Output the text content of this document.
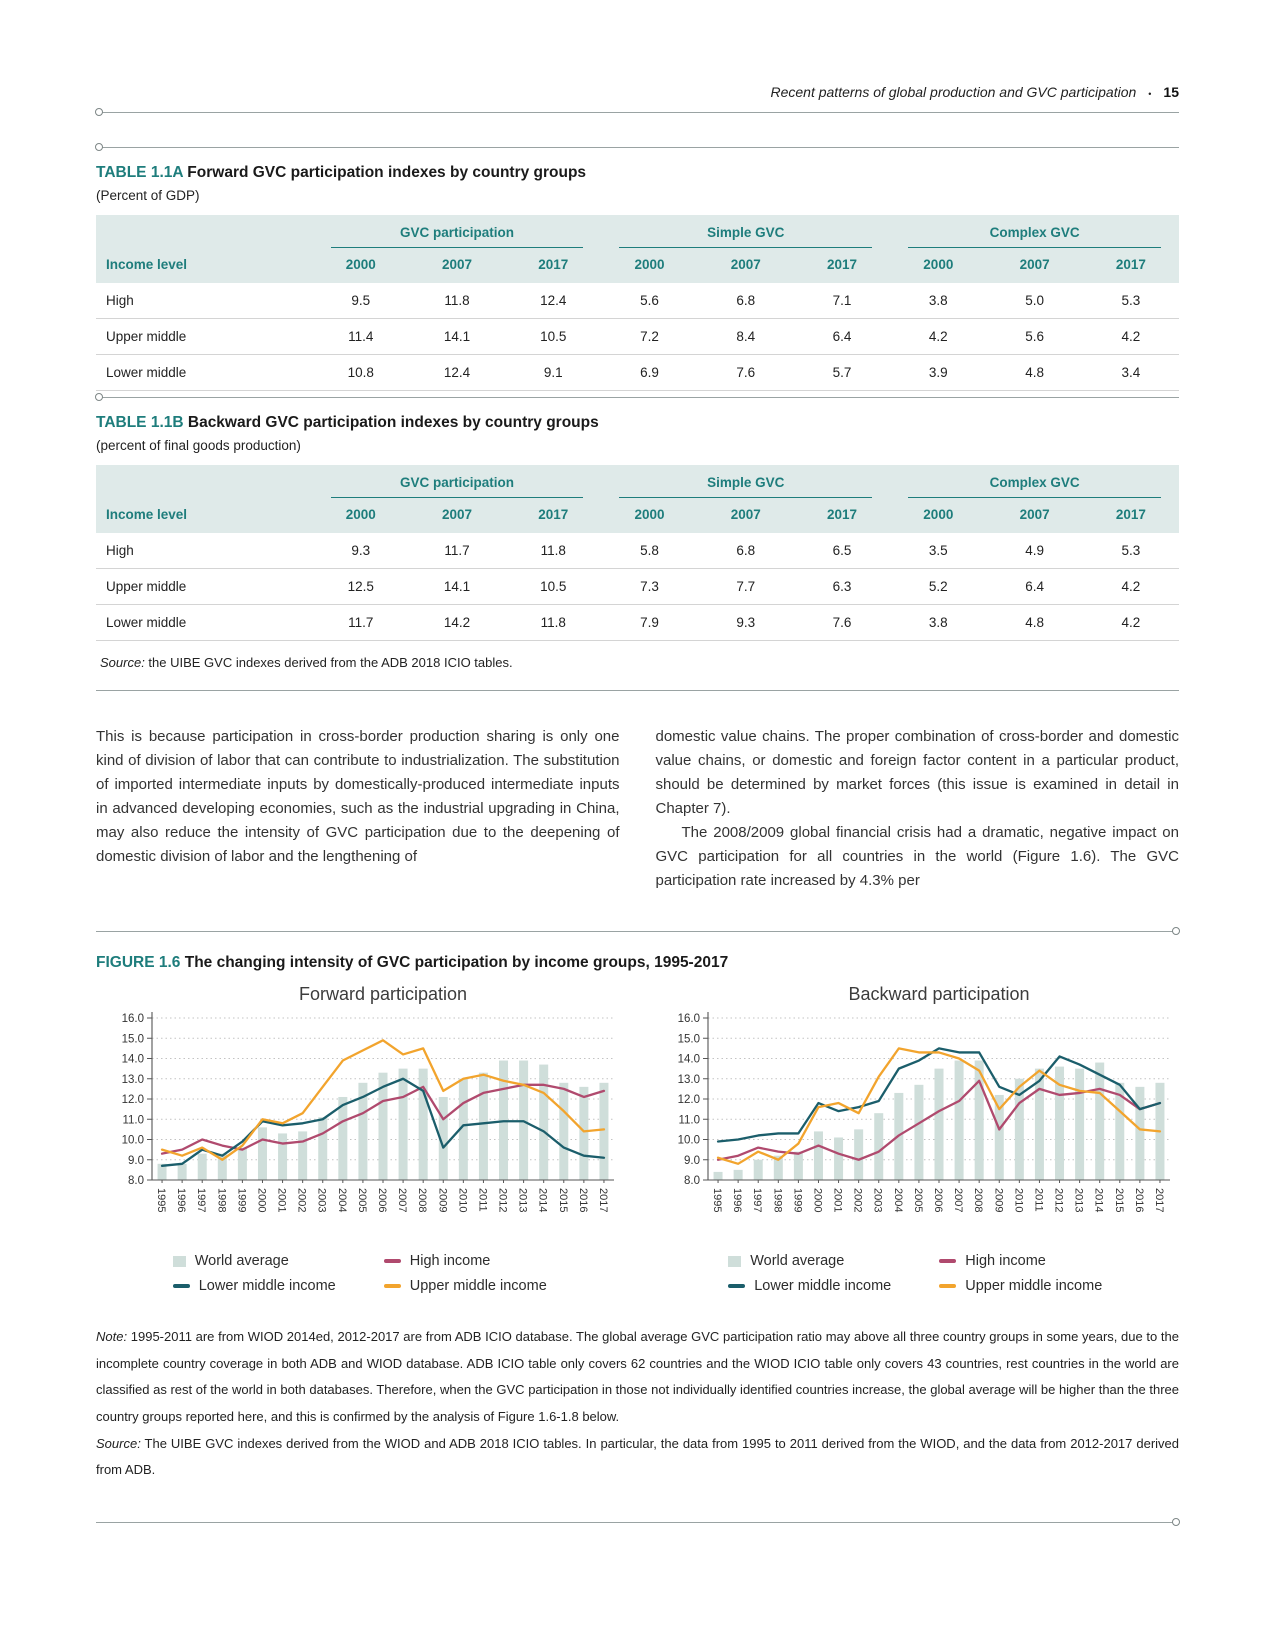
Recent patterns of global production and GVC participation • 15
TABLE 1.1A Forward GVC participation indexes by country groups

(Percent of GDP)

	GVC participation			Simple GVC			Complex GVC		

Income level	2000	2007	2017	2000	2007	2017	2000	2007	2017
High	9.5	11.8	12.4	5.6	6.8	7.1	3.8	5.0	5.3
Upper middle	11.4	14.1	10.5	7.2	8.4	6.4	4.2	5.6	4.2
Lower middle	10.8	12.4	9.1	6.9	7.6	5.7	3.9	4.8	3.4
TABLE 1.1B Backward GVC participation indexes by country groups

(percent of final goods production)

	GVC participation			Simple GVC			Complex GVC		

Income level	2000	2007	2017	2000	2007	2017	2000	2007	2017
High	9.3	11.7	11.8	5.8	6.8	6.5	3.5	4.9	5.3
Upper middle	12.5	14.1	10.5	7.3	7.7	6.3	5.2	6.4	4.2
Lower middle	11.7	14.2	11.8	7.9	9.3	7.6	3.8	4.8	4.2

Source: the UIBE GVC indexes derived from the ADB 2018 ICIO tables.

This is because participation in cross-border production sharing is only one kind of division of labor that can contribute to industrialization. The substitution of imported intermediate inputs by domestically-produced intermediate inputs in advanced developing economies, such as the industrial upgrading in China, may also reduce the intensity of GVC participation due to the deepening of domestic division of labor and the lengthening of

domestic value chains. The proper combination of cross-border and domestic value chains, or domestic and foreign factor content in a particular product, should be determined by market forces (this issue is examined in detail in Chapter 7).

The 2008/2009 global financial crisis had a dramatic, negative impact on GVC participation for all countries in the world (Figure 1.6). The GVC participation rate increased by 4.3% per

FIGURE 1.6 The changing intensity of GVC participation by income groups, 1995-2017
Forward participation
8.0
9.0
10.0
11.0
12.0
13.0
14.0
15.0
16.0
1995 1996 1997 1998 1999 2000 2001 2002 2003 2004 2005 2006 2007 2008 2009 2010 2011 2012 2013 2014 2015 2016 2017
World average	High income
Lower middle income	Upper middle income
Backward participation
8.0
9.0
10.0
11.0
12.0
13.0
14.0
15.0
16.0
1995 1996 1997 1998 1999 2000 2001 2002 2003 2004 2005 2006 2007 2008 2009 2010 2011 2012 2013 2014 2015 2016 2017
World average	High income
Lower middle income	Upper middle income

Note: 1995-2011 are from WIOD 2014ed, 2012-2017 are from ADB ICIO database. The global average GVC participation ratio may above all three country groups in some years, due to the incomplete country coverage in both ADB and WIOD database. ADB ICIO table only covers 62 countries and the WIOD ICIO table only covers 43 countries, rest countries in the world are classified as rest of the world in both databases. Therefore, when the GVC participation in those not individually identified countries increase, the global average will be higher than the three country groups reported here, and this is confirmed by the analysis of Figure 1.6-1.8 below.

Source: The UIBE GVC indexes derived from the WIOD and ADB 2018 ICIO tables. In particular, the data from 1995 to 2011 derived from the WIOD, and the data from 2012-2017 derived from ADB.
